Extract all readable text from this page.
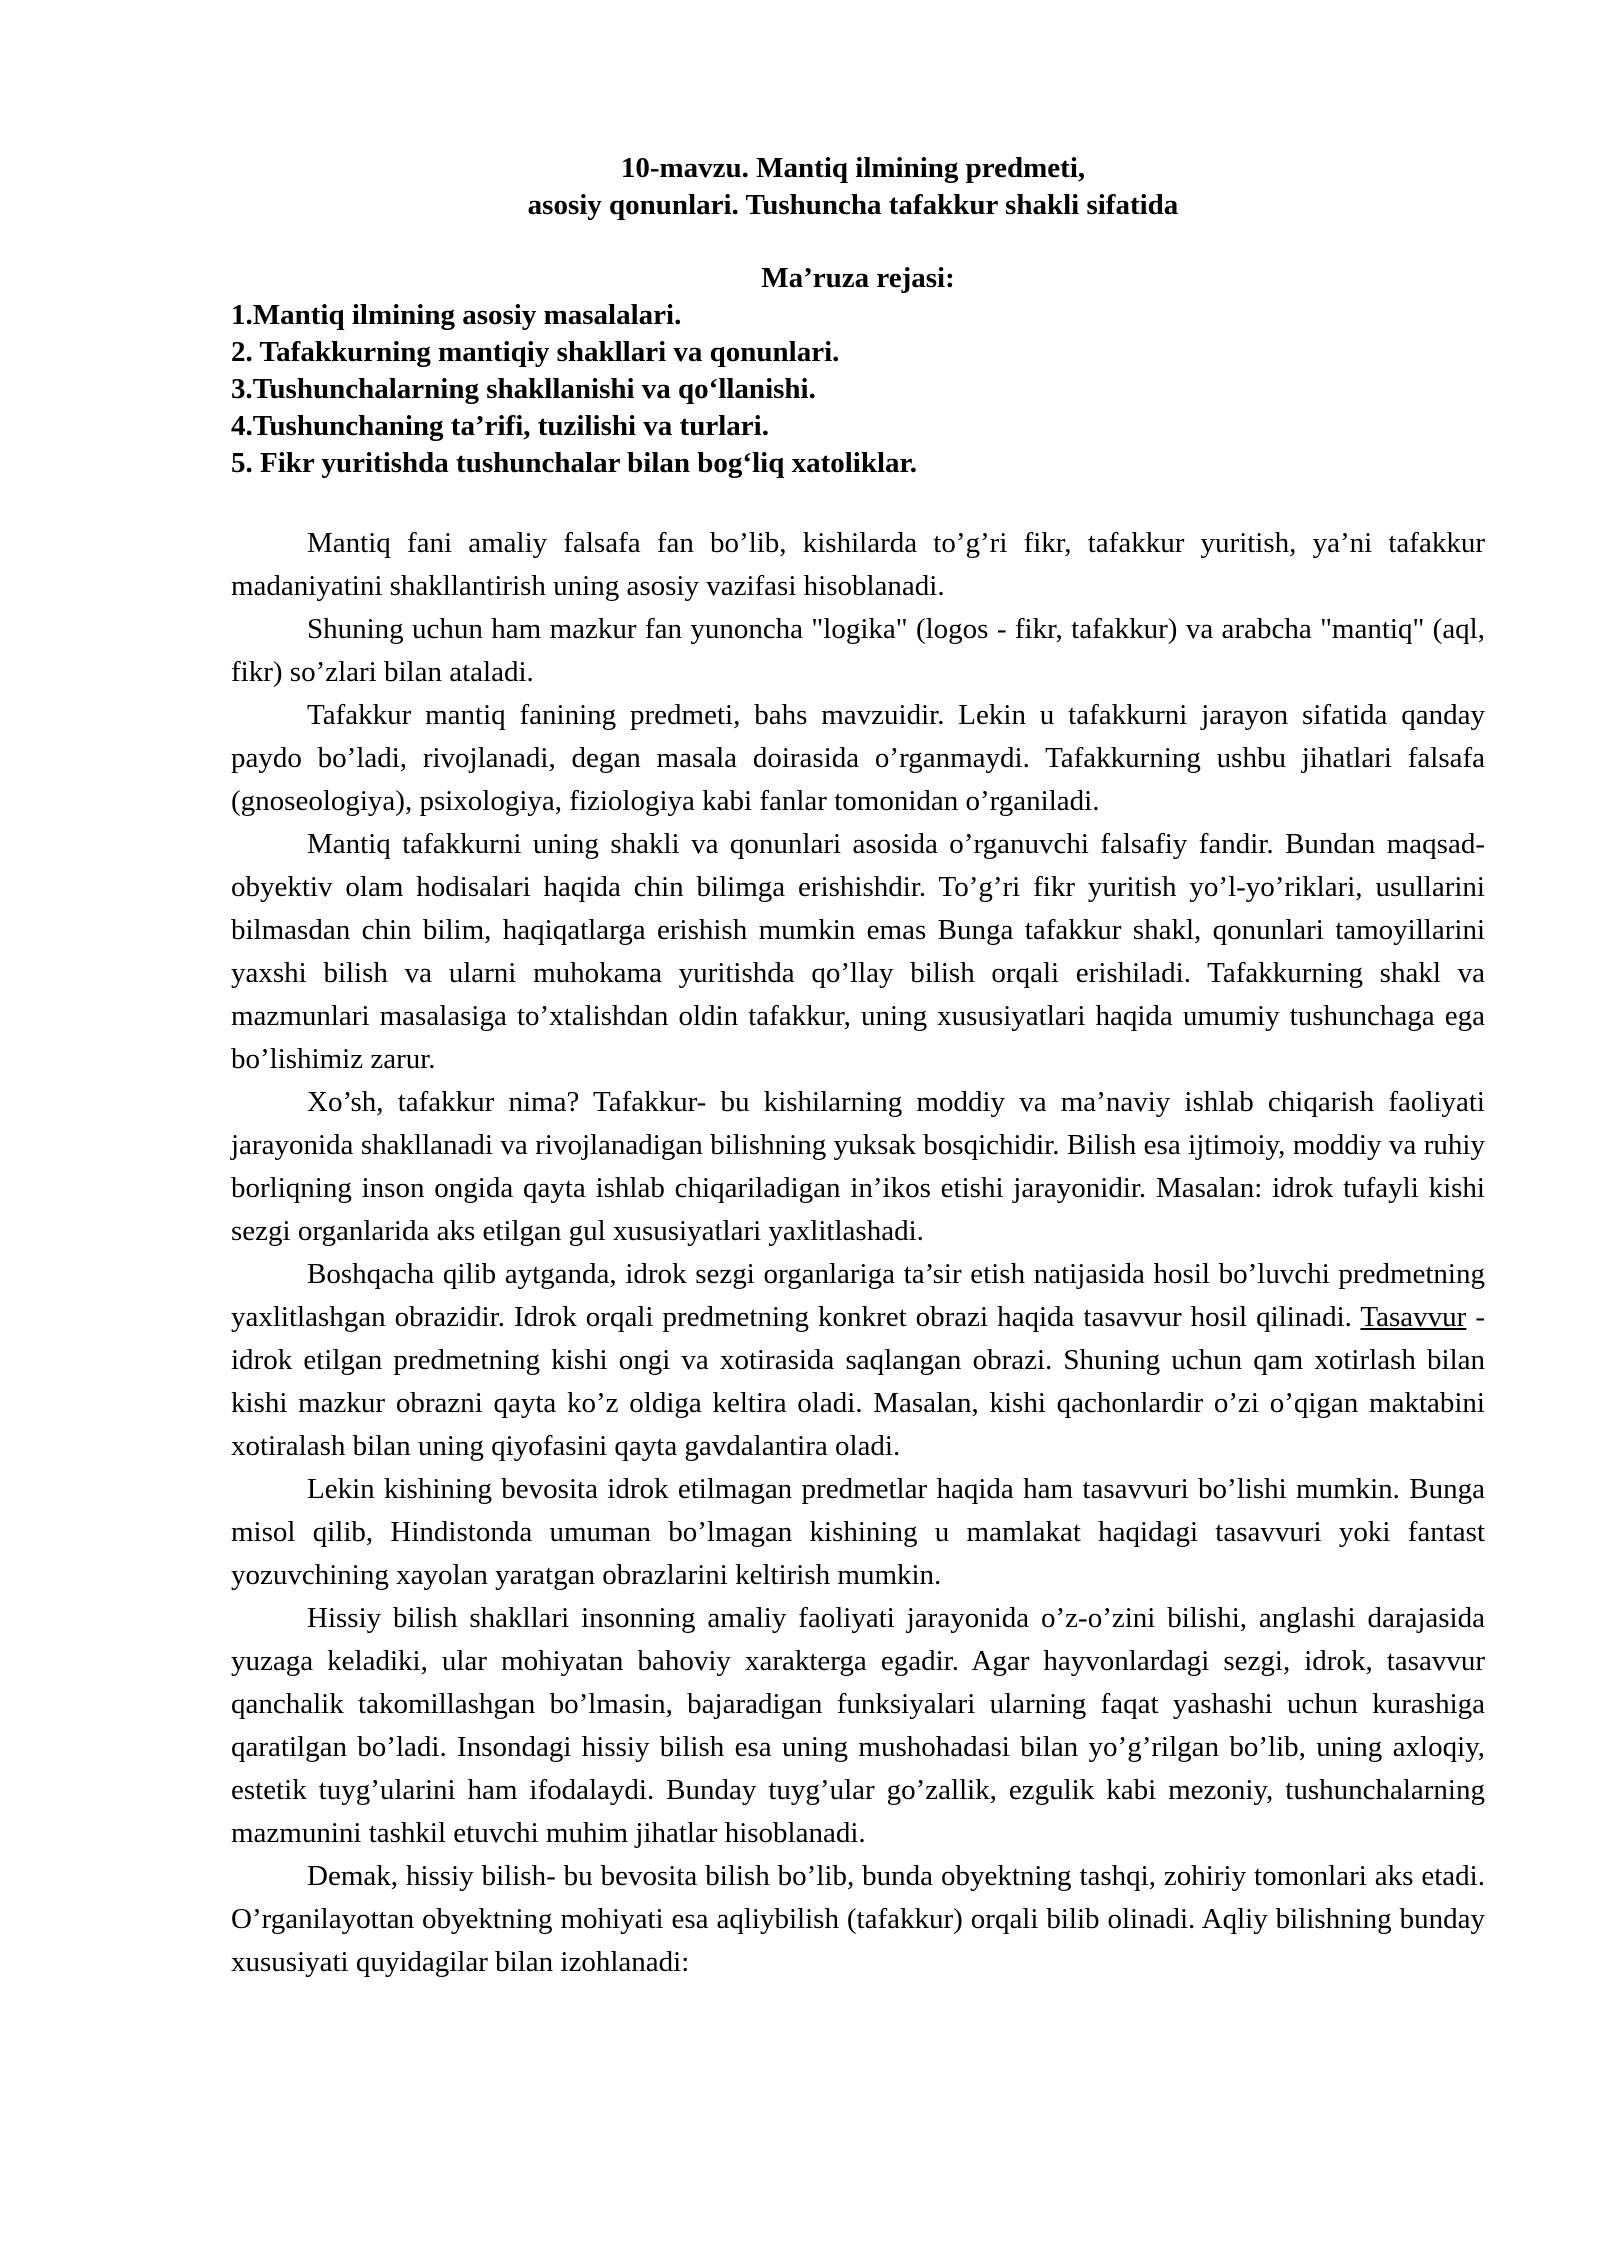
10-mavzu. Mantiq ilmining predmeti,
asosiy qonunlari. Tushuncha tafakkur shakli sifatida
Ma’ruza rejasi:
1.Mantiq ilmining asosiy masalalari.
2. Tafakkurning mantiqiy shakllari va qonunlari.
3.Tushunchalarning shakllanishi va qo‘llanishi.
4.Tushunchaning ta’rifi, tuzilishi va turlari.
5. Fikr yuritishda tushunchalar bilan bog‘liq xatoliklar.

Mantiq fani amaliy falsafa fan bo’lib, kishilarda to’g’ri fikr, tafakkur yuritish, ya’ni tafakkur madaniyatini shakllantirish uning asosiy vazifasi hisoblanadi.

Shuning uchun ham mazkur fan yunoncha "logika" (logos - fikr, tafakkur) va arabcha "mantiq" (aql, fikr) so’zlari bilan ataladi.

Tafakkur mantiq fanining predmeti, bahs mavzuidir. Lekin u tafakkurni jarayon sifatida qanday paydo bo’ladi, rivojlanadi, degan masala doirasida o’rganmaydi. Tafakkurning ushbu jihatlari falsafa (gnoseologiya), psixologiya, fiziologiya kabi fanlar tomonidan o’rganiladi.

Mantiq tafakkurni uning shakli va qonunlari asosida o’rganuvchi falsafiy fandir. Bundan maqsad-obyektiv olam hodisalari haqida chin bilimga erishishdir. To’g’ri fikr yuritish yo’l-yo’riklari, usullarini bilmasdan chin bilim, haqiqatlarga erishish mumkin emas Bunga tafakkur shakl, qonunlari tamoyillarini yaxshi bilish va ularni muhokama yuritishda qo’llay bilish orqali erishiladi. Tafakkurning shakl va mazmunlari masalasiga to’xtalishdan oldin tafakkur, uning xususiyatlari haqida umumiy tushunchaga ega bo’lishimiz zarur.

Xo’sh, tafakkur nima? Tafakkur- bu kishilarning moddiy va ma’naviy ishlab chiqarish faoliyati jarayonida shakllanadi va rivojlanadigan bilishning yuksak bosqichidir. Bilish esa ijtimoiy, moddiy va ruhiy borliqning inson ongida qayta ishlab chiqariladigan in’ikos etishi jarayonidir. Masalan: idrok tufayli kishi sezgi organlarida aks etilgan gul xususiyatlari yaxlitlashadi.

Boshqacha qilib aytganda, idrok sezgi organlariga ta’sir etish natijasida hosil bo’luvchi predmetning yaxlitlashgan obrazidir. Idrok orqali predmetning konkret obrazi haqida tasavvur hosil qilinadi. Tasavvur - idrok etilgan predmetning kishi ongi va xotirasida saqlangan obrazi. Shuning uchun qam xotirlash bilan kishi mazkur obrazni qayta ko’z oldiga keltira oladi. Masalan, kishi qachonlardir o’zi o’qigan maktabini xotiralash bilan uning qiyofasini qayta gavdalantira oladi.

Lekin kishining bevosita idrok etilmagan predmetlar haqida ham tasavvuri bo’lishi mumkin. Bunga misol qilib, Hindistonda umuman bo’lmagan kishining u mamlakat haqidagi tasavvuri yoki fantast yozuvchining xayolan yaratgan obrazlarini keltirish mumkin.

Hissiy bilish shakllari insonning amaliy faoliyati jarayonida o’z-o’zini bilishi, anglashi darajasida yuzaga keladiki, ular mohiyatan bahoviy xarakterga egadir. Agar hayvonlardagi sezgi, idrok, tasavvur qanchalik takomillashgan bo’lmasin, bajaradigan funksiyalari ularning faqat yashashi uchun kurashiga qaratilgan bo’ladi. Insondagi hissiy bilish esa uning mushohadasi bilan yo’g’rilgan bo’lib, uning axloqiy, estetik tuyg’ularini ham ifodalaydi. Bunday tuyg’ular go’zallik, ezgulik kabi mezoniy, tushunchalarning mazmunini tashkil etuvchi muhim jihatlar hisoblanadi.

Demak, hissiy bilish- bu bevosita bilish bo’lib, bunda obyektning tashqi, zohiriy tomonlari aks etadi. O’rganilayottan obyektning mohiyati esa aqliybilish (tafakkur) orqali bilib olinadi. Aqliy bilishning bunday xususiyati quyidagilar bilan izohlanadi:
